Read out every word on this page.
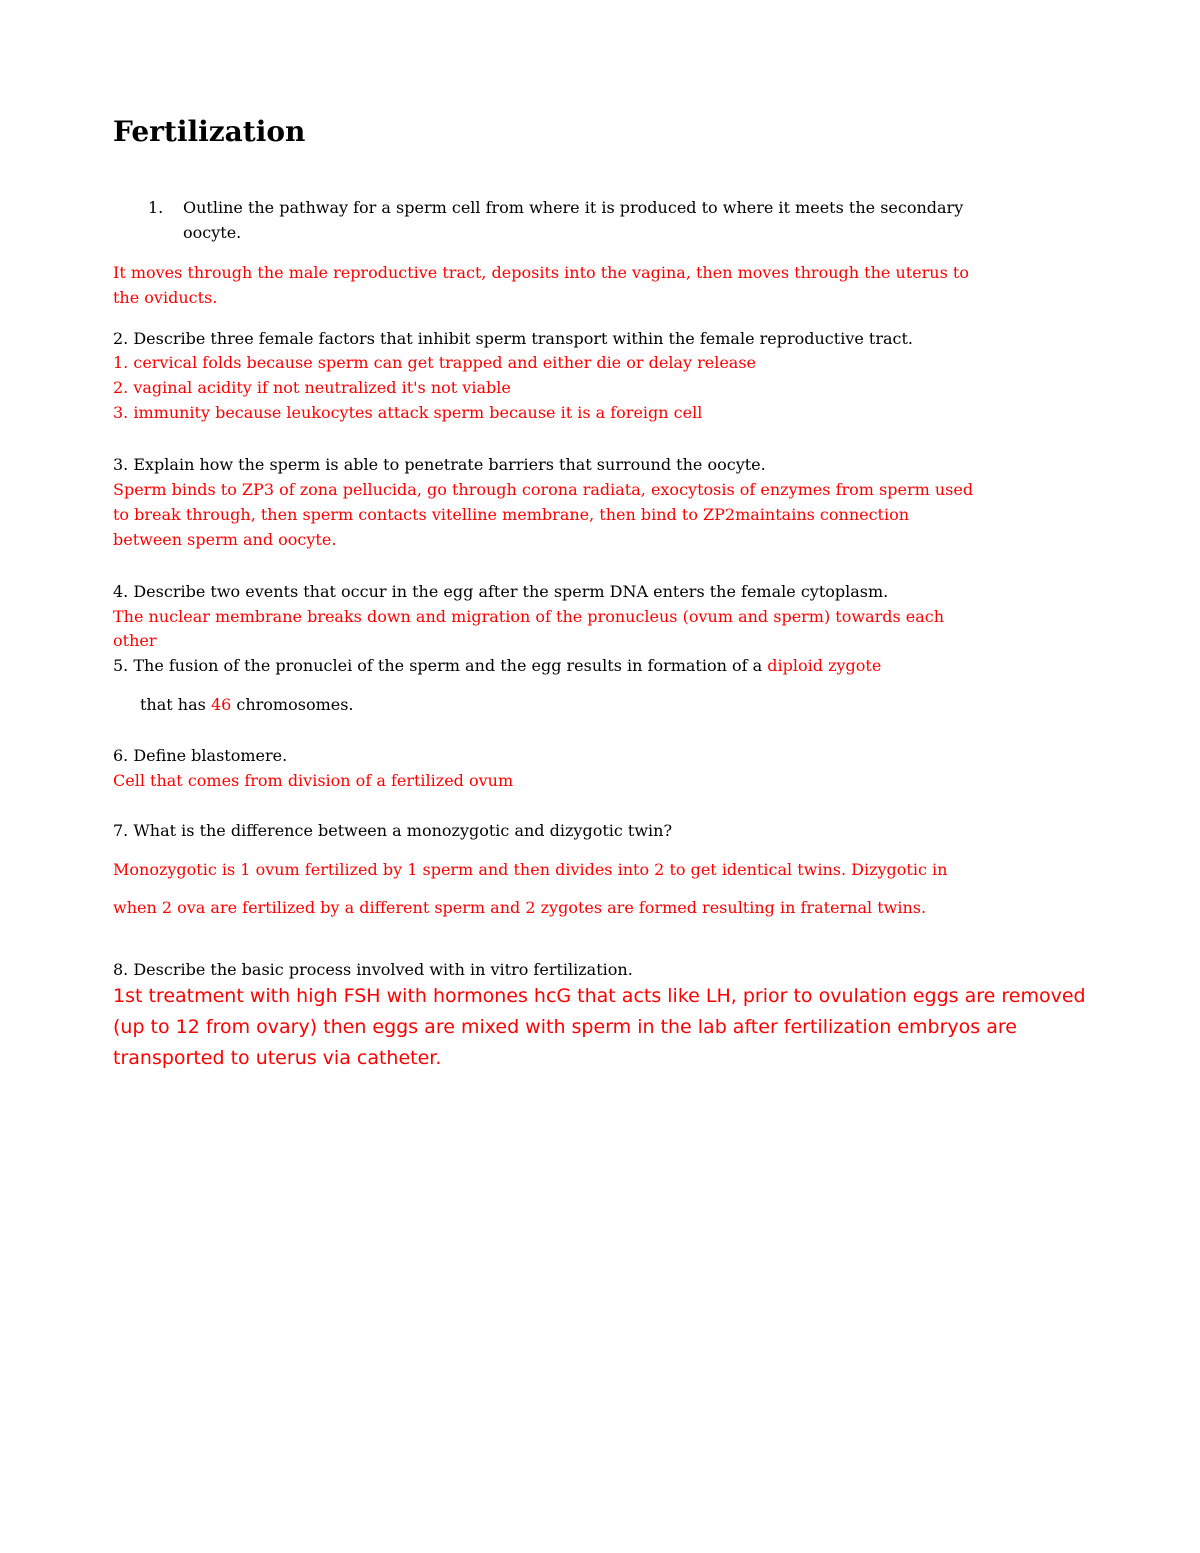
Fertilization
1. Outline the pathway for a sperm cell from where it is produced to where it meets the secondary
oocyte.
It moves through the male reproductive tract, deposits into the vagina, then moves through the uterus to
the oviducts.
2. Describe three female factors that inhibit sperm transport within the female reproductive tract.
1. cervical folds because sperm can get trapped and either die or delay release
2. vaginal acidity if not neutralized it's not viable
3. immunity because leukocytes attack sperm because it is a foreign cell
3. Explain how the sperm is able to penetrate barriers that surround the oocyte.
Sperm binds to ZP3 of zona pellucida, go through corona radiata, exocytosis of enzymes from sperm used
to break through, then sperm contacts vitelline membrane, then bind to ZP2maintains connection
between sperm and oocyte.
4. Describe two events that occur in the egg after the sperm DNA enters the female cytoplasm.
The nuclear membrane breaks down and migration of the pronucleus (ovum and sperm) towards each
other
5. The fusion of the pronuclei of the sperm and the egg results in formation of a diploid zygote
that has 46 chromosomes.
6. Define blastomere.
Cell that comes from division of a fertilized ovum
7. What is the difference between a monozygotic and dizygotic twin?
Monozygotic is 1 ovum fertilized by 1 sperm and then divides into 2 to get identical twins. Dizygotic in
when 2 ova are fertilized by a different sperm and 2 zygotes are formed resulting in fraternal twins.
8. Describe the basic process involved with in vitro fertilization.
1st treatment with high FSH with hormones hcG that acts like LH, prior to ovulation eggs are removed
(up to 12 from ovary) then eggs are mixed with sperm in the lab after fertilization embryos are
transported to uterus via catheter.
